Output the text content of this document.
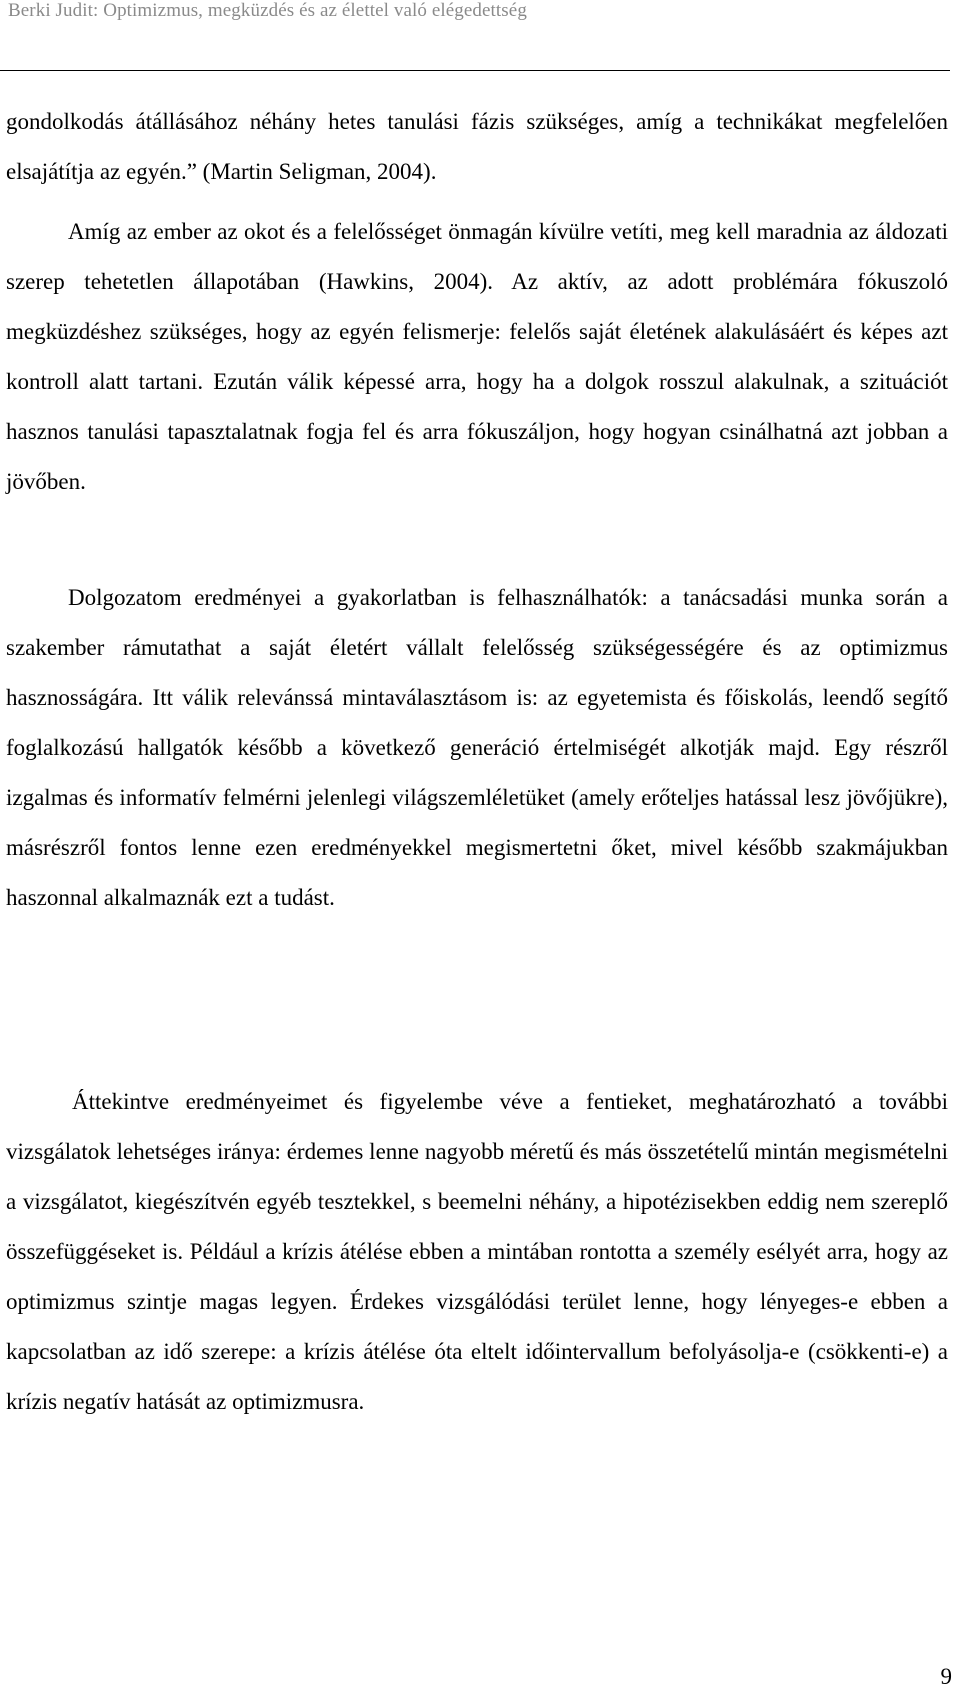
Berki Judit: Optimizmus, megküzdés és az élettel való elégedettség

gondolkodás átállásához néhány hetes tanulási fázis szükséges, amíg a technikákat megfelelően elsajátítja az egyén.” (Martin Seligman, 2004).

Amíg az ember az okot és a felelősséget önmagán kívülre vetíti, meg kell maradnia az áldozati szerep tehetetlen állapotában (Hawkins, 2004). Az aktív, az adott problémára fókuszoló megküzdéshez szükséges, hogy az egyén felismerje: felelős saját életének alakulásáért és képes azt kontroll alatt tartani. Ezután válik képessé arra, hogy ha a dolgok rosszul alakulnak, a szituációt hasznos tanulási tapasztalatnak fogja fel és arra fókuszáljon, hogy hogyan csinálhatná azt jobban a jövőben.

Dolgozatom eredményei a gyakorlatban is felhasználhatók: a tanácsadási munka során a szakember rámutathat a saját életért vállalt felelősség szükségességére és az optimizmus hasznosságára. Itt válik relevánssá mintaválasztásom is: az egyetemista és főiskolás, leendő segítő foglalkozású hallgatók később a következő generáció értelmiségét alkotják majd. Egy részről izgalmas és informatív felmérni jelenlegi világszemléletüket (amely erőteljes hatással lesz jövőjükre), másrészről fontos lenne ezen eredményekkel megismertetni őket, mivel később szakmájukban haszonnal alkalmaznák ezt a tudást.

Áttekintve eredményeimet és figyelembe véve a fentieket, meghatározható a további vizsgálatok lehetséges iránya: érdemes lenne nagyobb méretű és más összetételű mintán megismételni a vizsgálatot, kiegészítvén egyéb tesztekkel, s beemelni néhány, a hipotézisekben eddig nem szereplő összefüggéseket is. Például a krízis átélése ebben a mintában rontotta a személy esélyét arra, hogy az optimizmus szintje magas legyen. Érdekes vizsgálódási terület lenne, hogy lényeges-e ebben a kapcsolatban az idő szerepe: a krízis átélése óta eltelt időintervallum befolyásolja-e (csökkenti-e) a krízis negatív hatását az optimizmusra.

9
